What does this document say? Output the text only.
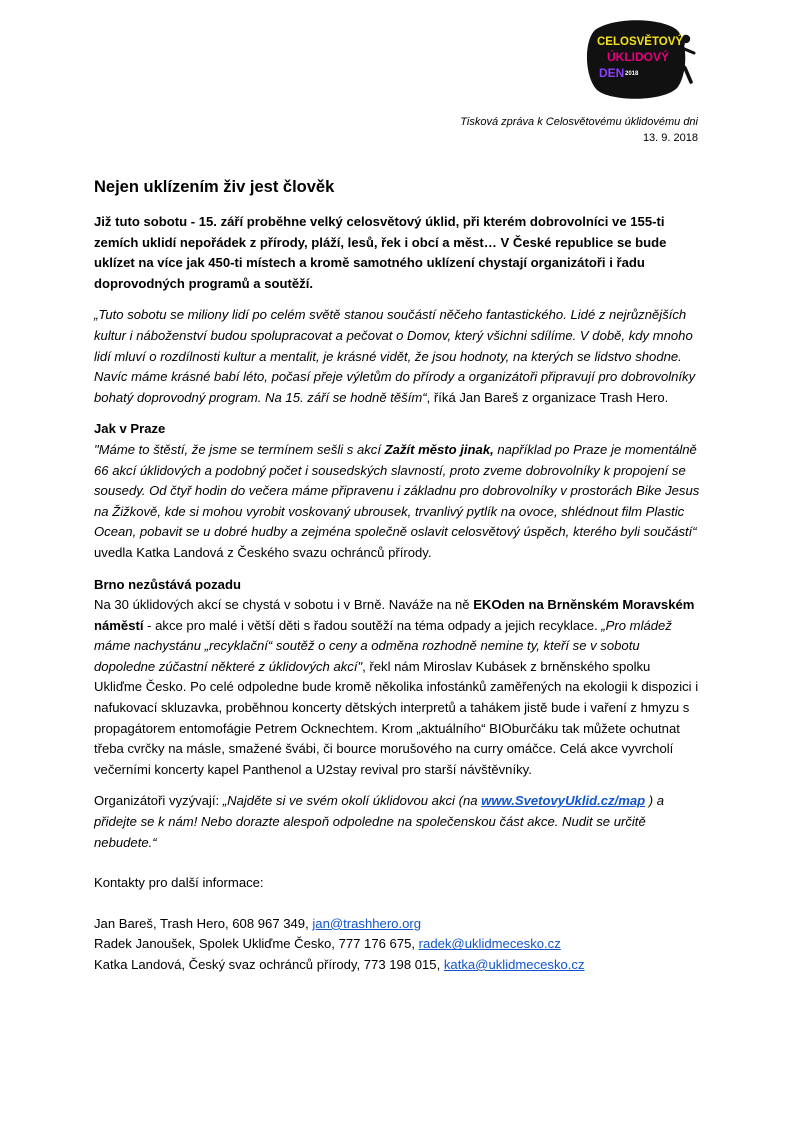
CELOSVĚTOVÝ
ÚKLIDOVÝ
DEN 2018
Tisková zpráva k Celosvětovému úklidovému dni
13. 9. 2018
Nejen uklízením živ jest člověk

Již tuto sobotu - 15. září proběhne velký celosvětový úklid, při kterém dobrovolníci ve 155-ti zemích uklidí nepořádek z přírody, pláží, lesů, řek i obcí a měst… V České republice se bude uklízet na více jak 450-ti místech a kromě samotného uklízení chystají organizátoři i řadu doprovodných programů a soutěží.

„Tuto sobotu se miliony lidí po celém světě stanou součástí něčeho fantastického. Lidé z nejrůznějších kultur i náboženství budou spolupracovat a pečovat o Domov, který všichni sdílíme. V době, kdy mnoho lidí mluví o rozdílnosti kultur a mentalit, je krásné vidět, že jsou hodnoty, na kterých se lidstvo shodne. Navíc máme krásné babí léto, počasí přeje výletům do přírody a organizátoři připravují pro dobrovolníky bohatý doprovodný program. Na 15. září se hodně těším“, říká Jan Bareš z organizace Trash Hero.

Jak v Praze

"Máme to štěstí, že jsme se termínem sešli s akcí Zažít město jinak, například po Praze je momentálně 66 akcí úklidových a podobný počet i sousedských slavností, proto zveme dobrovolníky k propojení se sousedy. Od čtyř hodin do večera máme připravenu i základnu pro dobrovolníky v prostorách Bike Jesus na Žižkově, kde si mohou vyrobit voskovaný ubrousek, trvanlivý pytlík na ovoce, shlédnout film Plastic Ocean, pobavit se u dobré hudby a zejména společně oslavit celosvětový úspěch, kterého byli součástí“ uvedla Katka Landová z Českého svazu ochránců přírody.

Brno nezůstává pozadu

Na 30 úklidových akcí se chystá v sobotu i v Brně. Naváže na ně EKOden na Brněnském Moravském náměstí - akce pro malé i větší děti s řadou soutěží na téma odpady a jejich recyklace. „Pro mládež máme nachystánu „recyklační“ soutěž o ceny a odměna rozhodně nemine ty, kteří se v sobotu dopoledne zúčastní některé z úklidových akcí", řekl nám Miroslav Kubásek z brněnského spolku Ukliďme Česko. Po celé odpoledne bude kromě několika infostánků zaměřených na ekologii k dispozici i nafukovací skluzavka, proběhnou koncerty dětských interpretů a tahákem jistě bude i vaření z hmyzu s propagátorem entomofágie Petrem Ocknechtem. Krom „aktuálního“ BIOburčáku tak můžete ochutnat třeba cvrčky na másle, smažené švábi, či bource morušového na curry omáčce. Celá akce vyvrcholí večerními koncerty kapel Panthenol a U2stay revival pro starší návštěvníky.

Organizátoři vyzývají: „Najděte si ve svém okolí úklidovou akci (na www.SvetovyUklid.cz/map ) a přidejte se k nám! Nebo dorazte alespoň odpoledne na společenskou část akce. Nudit se určitě nebudete.“

Kontakty pro další informace:

Jan Bareš, Trash Hero, 608 967 349, jan@trashhero.org
Radek Janoušek, Spolek Ukliďme Česko, 777 176 675, radek@uklidmecesko.cz
Katka Landová, Český svaz ochránců přírody, 773 198 015, katka@uklidmecesko.cz
